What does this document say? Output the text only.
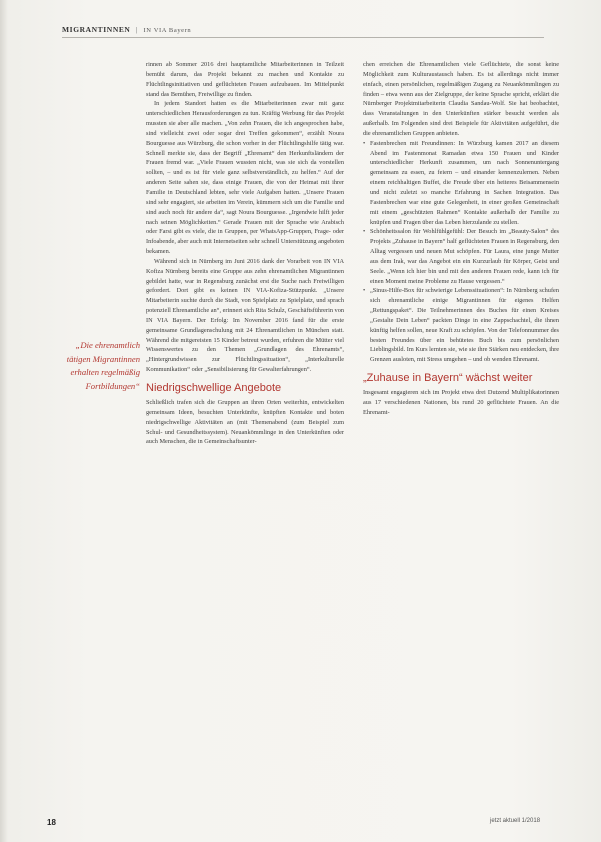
MIGRANTINNEN | IN VIA Bayern
„Die ehrenamtlich tätigen Migrantinnen erhalten regelmäßig Fortbildungen“

rinnen ab Sommer 2016 drei hauptamtliche Mitarbeiterinnen in Teilzeit bemüht darum, das Projekt bekannt zu machen und Kontakte zu Flüchtlingsinitiativen und geflüchteten Frauen aufzubauen. Im Mittelpunkt stand das Bemühen, Freiwillige zu finden.

In jedem Standort hatten es die Mitarbeiterinnen zwar mit ganz unterschiedlichen Herausforderungen zu tun. Kräftig Werbung für das Projekt mussten sie aber alle machen. „Von zehn Frauen, die ich angesprochen habe, sind vielleicht zwei oder sogar drei Treffen gekommen“, erzählt Noura Bourguesse aus Würzburg, die schon vorher in der Flüchtlingshilfe tätig war. Schnell merkte sie, dass der Begriff „Ehrenamt“ den Herkunftsländern der Frauen fremd war. „Viele Frauen wussten nicht, was sie sich da vorstellen sollten, – und es ist für viele ganz selbstverständlich, zu helfen.“ Auf der anderen Seite sahen sie, dass einige Frauen, die von der Heimat mit ihrer Familie in Deutschland lebten, sehr viele Aufgaben hatten. „Unsere Frauen sind sehr engagiert, sie arbeiten im Verein, kümmern sich um die Familie und sind auch noch für andere da“, sagt Noura Bourguesse. „Irgendwie hilft jeder nach seinen Möglichkeiten.“ Gerade Frauen mit der Sprache wie Arabisch oder Farsi gibt es viele, die in Gruppen, per WhatsApp-Gruppen, Frage- oder Infoabende, aber auch mit Internetseiten sehr schnell Unterstützung angeboten bekamen.

Während sich in Nürnberg im Juni 2016 dank der Vorarbeit von IN VIA Kofiza Nürnberg bereits eine Gruppe aus zehn ehrenamtlichen Migrantinnen gebildet hatte, war in Regensburg zunächst erst die Suche nach Freiwilligen gefordert. Dort gibt es keinen IN VIA-Kofiza-Stützpunkt. „Unsere Mitarbeiterin suchte durch die Stadt, von Spielplatz zu Spielplatz, und sprach potenziell Ehrenamtliche an“, erinnert sich Rita Schulz, Geschäftsführerin von IN VIA Bayern. Der Erfolg: Im November 2016 fand für die erste gemeinsame Grundlagenschulung mit 24 Ehrenamtlichen in München statt. Während die mitgereisten 15 Kinder betreut wurden, erfuhren die Mütter viel Wissenswertes zu den Themen „Grundlagen des Ehrenamts“, „Hintergrundwissen zur Flüchtlingssituation“, „Interkulturelle Kommunikation“ oder „Sensibilisierung für Gewalterfahrungen“.

Niedrigschwellige Angebote

Schließlich trafen sich die Gruppen an ihren Orten weiterhin, entwickelten gemeinsam Ideen, besuchten Unterkünfte, knüpften Kontakte und boten niedrigschwellige Aktivitäten an (mit Themenabend (zum Beispiel zum Schul- und Gesundheitssystem). Neuankömmlinge in den Unterkünften oder auch Menschen, die in Gemeinschaftsunter-

chen erreichen die Ehrenamtlichen viele Geflüchtete, die sonst keine Möglichkeit zum Kulturaustausch haben. Es ist allerdings nicht immer einfach, einen persönlichen, regelmäßigen Zugang zu Neuankömmlingen zu finden – etwa wenn aus der Zielgruppe, der keine Sprache spricht, erklärt die Nürnberger Projektmitarbeiterin Claudia Sandau-Wolf. Sie hat beobachtet, dass Veranstaltungen in den Unterkünften stärker besucht werden als außerhalb. Im Folgenden sind drei Beispiele für Aktivitäten aufgeführt, die die ehrenamtlichen Gruppen anbieten.

• Fastenbrechen mit Freundinnen: In Würzburg kamen 2017 an diesem Abend im Fastenmonat Ramadan etwa 150 Frauen und Kinder unterschiedlicher Herkunft zusammen, um nach Sonnenuntergang gemeinsam zu essen, zu feiern – und einander kennenzulernen. Neben einem reichhaltigen Buffet, die Freude über ein heiteres Beisammensein und nicht zuletzt so manche Erfahrung in Sachen Integration. Das Fastenbrechen war eine gute Gelegenheit, in einer großen Gemeinschaft mit einem „geschützten Rahmen“ Kontakte außerhalb der Familie zu knüpfen und Fragen über das Leben hierzulande zu stellen.
• Schönheitssalon für Wohlfühlgefühl: Der Besuch im „Beauty-Salon“ des Projekts „Zuhause in Bayern“ half geflüchteten Frauen in Regensburg, den Alltag vergessen und neuen Mut schöpfen. Für Laura, eine junge Mutter aus dem Irak, war das Angebot ein ein Kurzurlaub für Körper, Geist und Seele. „Wenn ich hier bin und mit den anderen Frauen rede, kann ich für einen Moment meine Probleme zu Hause vergessen.“
• „Sinus-Hilfe-Box für schwierige Lebenssituationen“: In Nürnberg schufen sich ehrenamtliche einige Migrantinnen für eigenes Helfen „Rettungspaket“. Die Teilnehmerinnen des Buches für einen Kreises „Gestalte Dein Leben“ packten Dinge in eine Zappschachtel, die ihnen künftig helfen sollen, neue Kraft zu schöpfen. Von der Telefonnummer des besten Freundes über ein behütetes Buch bis zum persönlichen Lieblingsbild. Im Kurs lernten sie, wie sie ihre Stärken neu entdecken, ihre Grenzen ausloten, mit Stress umgehen – und ob wenden Ehrenamt.
„Zuhause in Bayern“ wächst weiter

Insgesamt engagieren sich im Projekt etwa drei Dutzend Multiplikatorinnen aus 17 verschiedenen Nationen, bis rund 20 geflüchtete Frauen. An die Ehrenamt-

18	jetzt aktuell 1/2018
